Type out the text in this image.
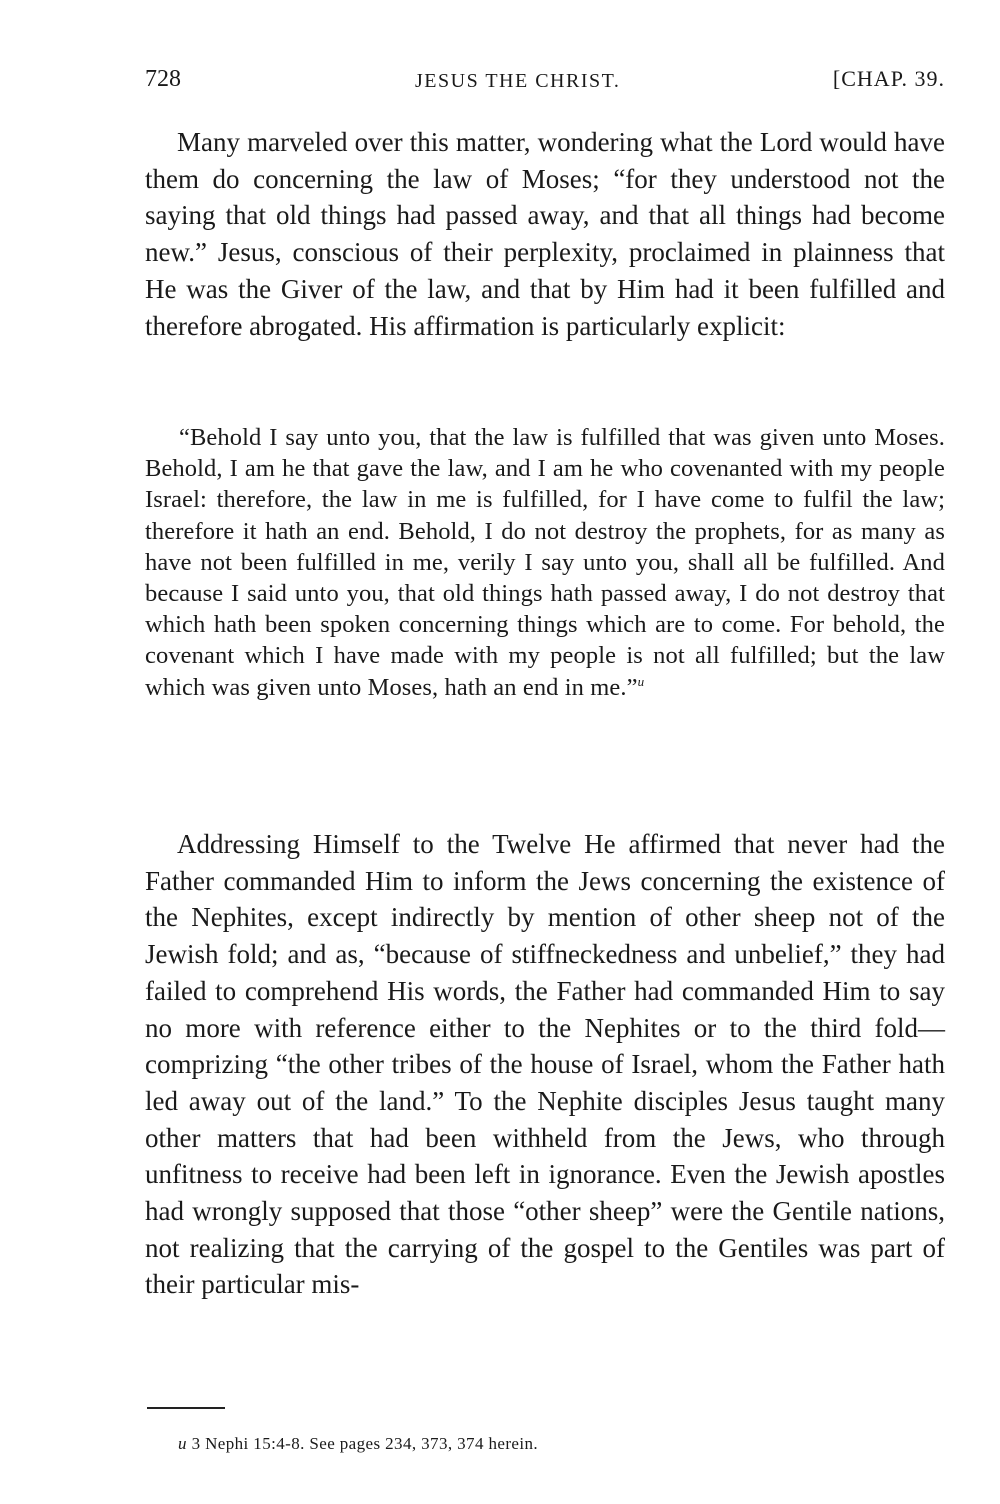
728	JESUS THE CHRIST.	[CHAP. 39.

Many marveled over this matter, wondering what the Lord would have them do concerning the law of Moses; “for they understood not the saying that old things had passed away, and that all things had become new.” Jesus, conscious of their perplexity, proclaimed in plainness that He was the Giver of the law, and that by Him had it been fulfilled and therefore abrogated. His affirmation is particularly explicit:

“Behold I say unto you, that the law is fulfilled that was given unto Moses. Behold, I am he that gave the law, and I am he who covenanted with my people Israel: therefore, the law in me is fulfilled, for I have come to fulfil the law; therefore it hath an end. Behold, I do not destroy the prophets, for as many as have not been fulfilled in me, verily I say unto you, shall all be fulfilled. And because I said unto you, that old things hath passed away, I do not destroy that which hath been spoken concerning things which are to come. For behold, the covenant which I have made with my people is not all fulfilled; but the law which was given unto Moses, hath an end in me.”$^u$

Addressing Himself to the Twelve He affirmed that never had the Father commanded Him to inform the Jews concerning the existence of the Nephites, except indirectly by mention of other sheep not of the Jewish fold; and as, “because of stiffneckedness and unbelief,” they had failed to comprehend His words, the Father had commanded Him to say no more with reference either to the Nephites or to the third fold—comprizing “the other tribes of the house of Israel, whom the Father hath led away out of the land.” To the Nephite disciples Jesus taught many other matters that had been withheld from the Jews, who through unfitness to receive had been left in ignorance. Even the Jewish apostles had wrongly supposed that those “other sheep” were the Gentile nations, not realizing that the carrying of the gospel to the Gentiles was part of their particular mis-

u 3 Nephi 15:4-8. See pages 234, 373, 374 herein.
